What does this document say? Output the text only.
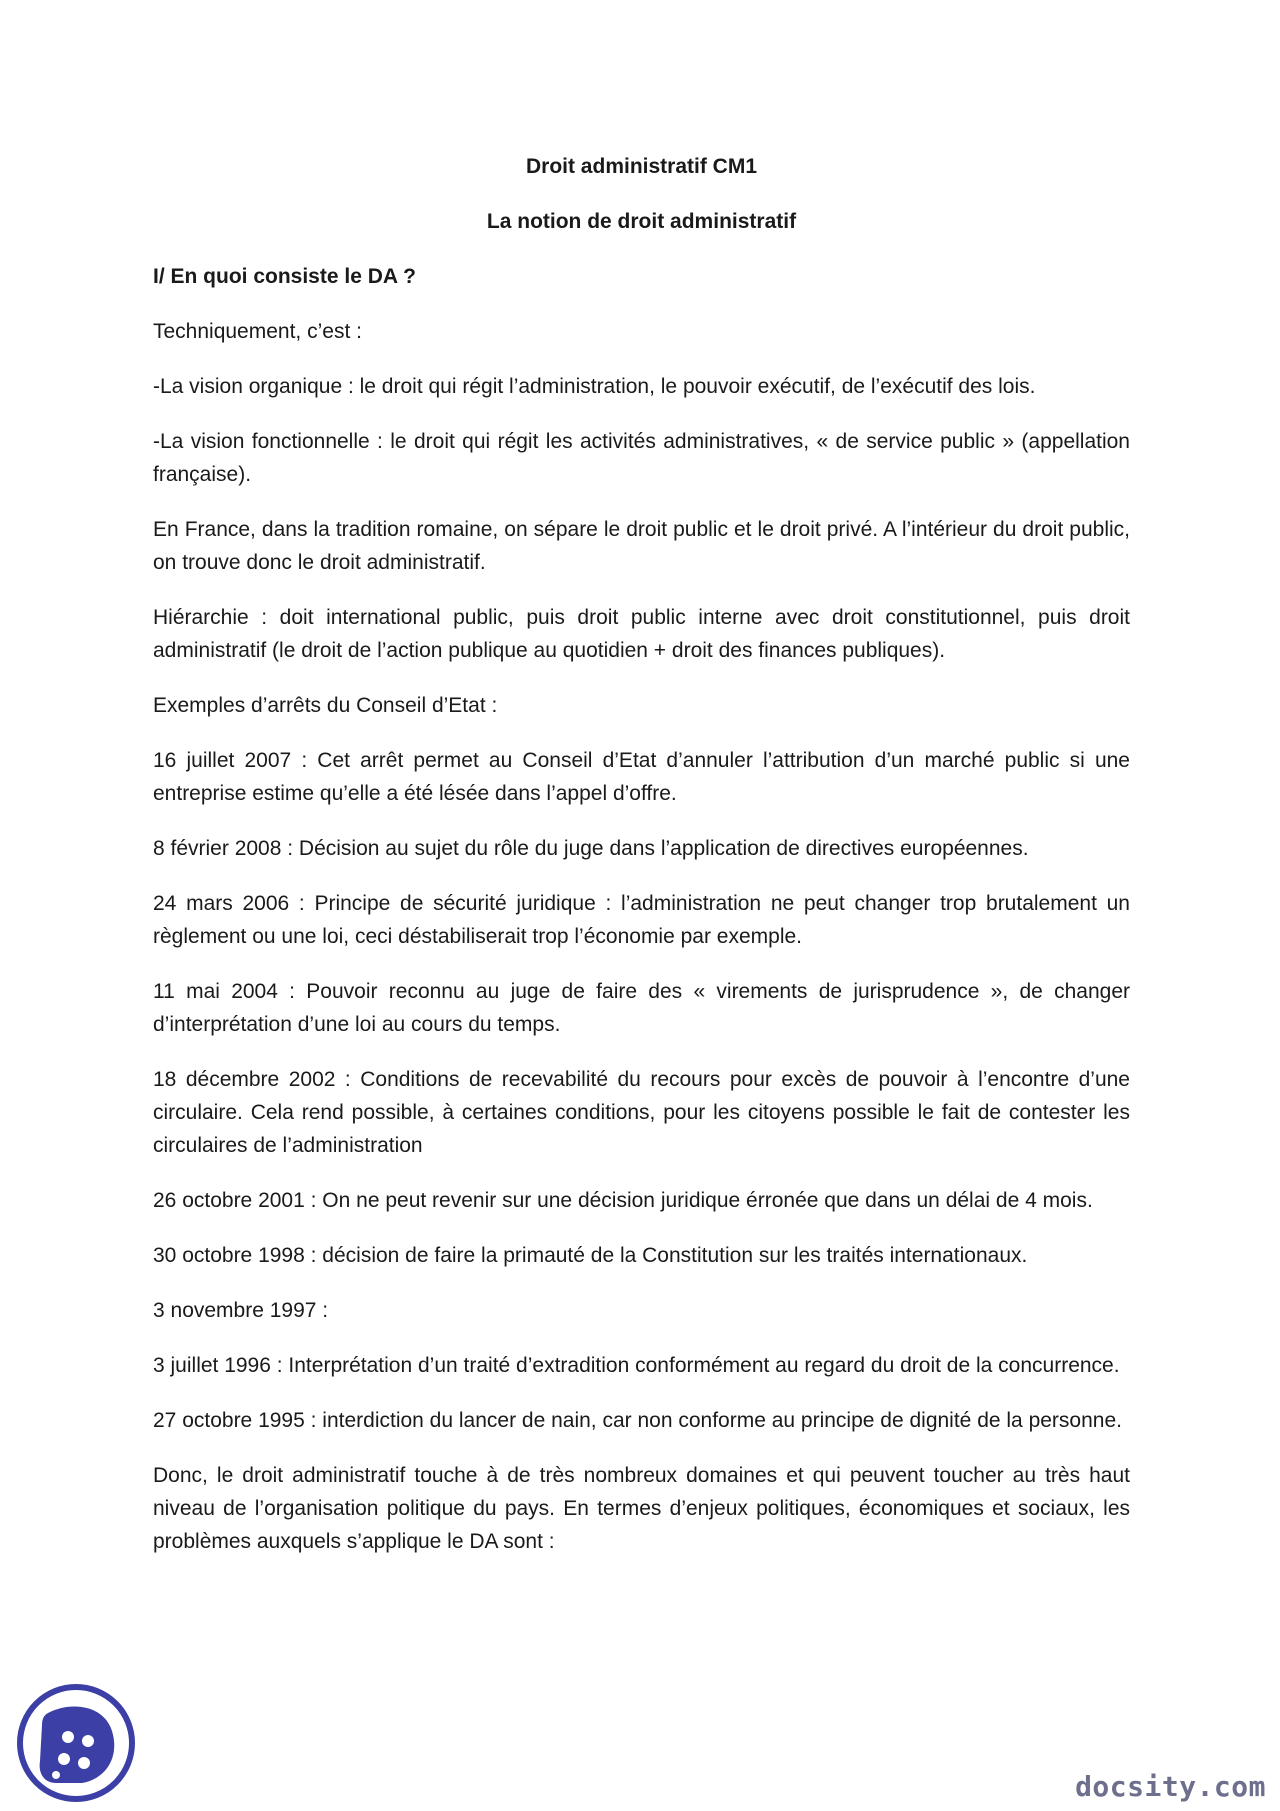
Droit administratif CM1
La notion de droit administratif
I/ En quoi consiste le DA ?

Techniquement, c’est :

-La vision organique : le droit qui régit l’administration, le pouvoir exécutif, de l’exécutif des lois.

-La vision fonctionnelle : le droit qui régit les activités administratives, « de service public » (appellation française).

En France, dans la tradition romaine, on sépare le droit public et le droit privé. A l’intérieur du droit public, on trouve donc le droit administratif.

Hiérarchie : doit international public, puis droit public interne avec droit constitutionnel, puis droit administratif (le droit de l’action publique au quotidien + droit des finances publiques).

Exemples d’arrêts du Conseil d’Etat :

16 juillet 2007 : Cet arrêt permet au Conseil d’Etat d’annuler l’attribution d’un marché public si une entreprise estime qu’elle a été lésée dans l’appel d’offre.

8 février 2008 : Décision au sujet du rôle du juge dans l’application de directives européennes.

24 mars 2006 : Principe de sécurité juridique : l’administration ne peut changer trop brutalement un règlement ou une loi, ceci déstabiliserait trop l’économie par exemple.

11 mai 2004 : Pouvoir reconnu au juge de faire des « virements de jurisprudence », de changer d’interprétation d’une loi au cours du temps.

18 décembre 2002 : Conditions de recevabilité du recours pour excès de pouvoir à l’encontre d’une circulaire. Cela rend possible, à certaines conditions, pour les citoyens possible le fait de contester les circulaires de l’administration

26 octobre 2001 : On ne peut revenir sur une décision juridique érronée que dans un délai de 4 mois.

30 octobre 1998 : décision de faire la primauté de la Constitution sur les traités internationaux.

3 novembre 1997 :

3 juillet 1996 : Interprétation d’un traité d’extradition conformément au regard du droit de la concurrence.

27 octobre 1995 : interdiction du lancer de nain, car non conforme au principe de dignité de la personne.

Donc, le droit administratif touche à de très nombreux domaines et qui peuvent toucher au très haut niveau de l’organisation politique du pays. En termes d’enjeux politiques, économiques et sociaux, les problèmes auxquels s’applique le DA sont :

docsity.com
